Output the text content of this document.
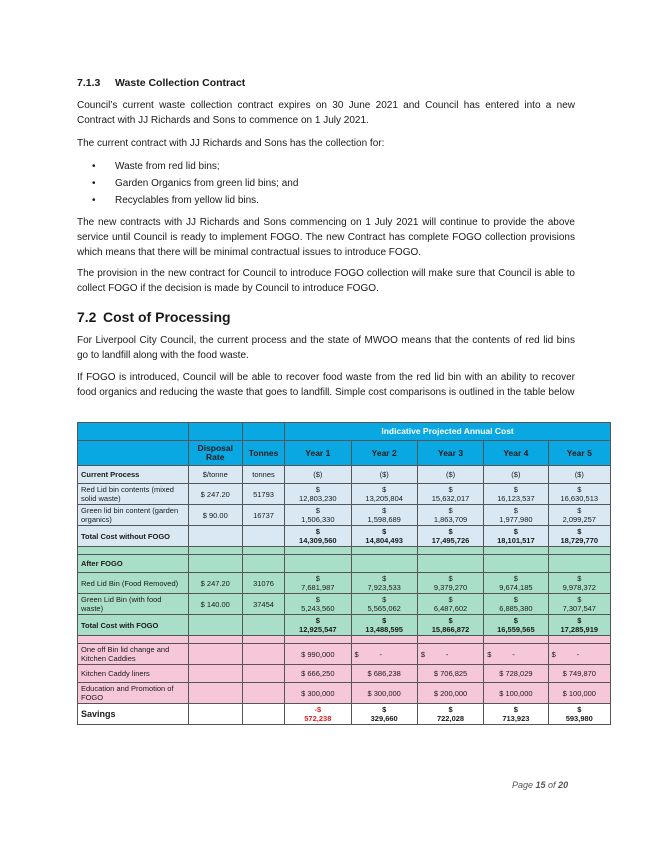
7.1.3 Waste Collection Contract
Council’s current waste collection contract expires on 30 June 2021 and Council has entered into a new Contract with JJ Richards and Sons to commence on 1 July 2021.
The current contract with JJ Richards and Sons has the collection for:
• Waste from red lid bins;
• Garden Organics from green lid bins; and
• Recyclables from yellow lid bins.
The new contracts with JJ Richards and Sons commencing on 1 July 2021 will continue to provide the above service until Council is ready to implement FOGO. The new Contract has complete FOGO collection provisions which means that there will be minimal contractual issues to introduce FOGO.
The provision in the new contract for Council to introduce FOGO collection will make sure that Council is able to collect FOGO if the decision is made by Council to introduce FOGO.
7.2 Cost of Processing
For Liverpool City Council, the current process and the state of MWOO means that the contents of red lid bins go to landfill along with the food waste.
If FOGO is introduced, Council will be able to recover food waste from the red lid bin with an ability to recover food organics and reducing the waste that goes to landfill. Simple cost comparisons is outlined in the table below
			Indicative Projected Annual Cost				
	Disposal Rate	Tonnes	Year 1	Year 2	Year 3	Year 4	Year 5
Current Process	$/tonne	tonnes	($)	($)	($)	($)	($)
Red Lid bin contents (mixed solid waste)	$ 247.20	51793	$
12,803,230	$
13,205,804	$
15,632,017	$
16,123,537	$
16,630,513
Green lid bin content (garden organics)	$ 90.00	16737	$
1,506,330	$
1,598,689	$
1,863,709	$
1,977,980	$
2,099,257
Total Cost without FOGO			$
14,309,560	$
14,804,493	$
17,495,726	$
18,101,517	$
18,729,770

After FOGO							
Red Lid Bin (Food Removed)	$ 247.20	31076	$
7,681,987	$
7,923,533	$
9,379,270	$
9,674,185	$
9,978,372
Green Lid Bin (with food waste)	$ 140.00	37454	$
5,243,560	$
5,565,062	$
6,487,602	$
6,885,380	$
7,307,547
Total Cost with FOGO			$
12,925,547	$
13,488,595	$
15,866,872	$
16,559,565	$
17,285,919

One off Bin lid change and Kitchen Caddies			$ 990,000	$          -	$          -	$          -	$          -
Kitchen Caddy liners			$ 666,250	$ 686,238	$ 706,825	$ 728,029	$ 749,870
Education and Promotion of FOGO			$ 300,000	$ 300,000	$ 200,000	$ 100,000	$ 100,000
Savings			-$
572,238	$
329,660	$
722,028	$
713,923	$
593,980
Page 15 of 20
